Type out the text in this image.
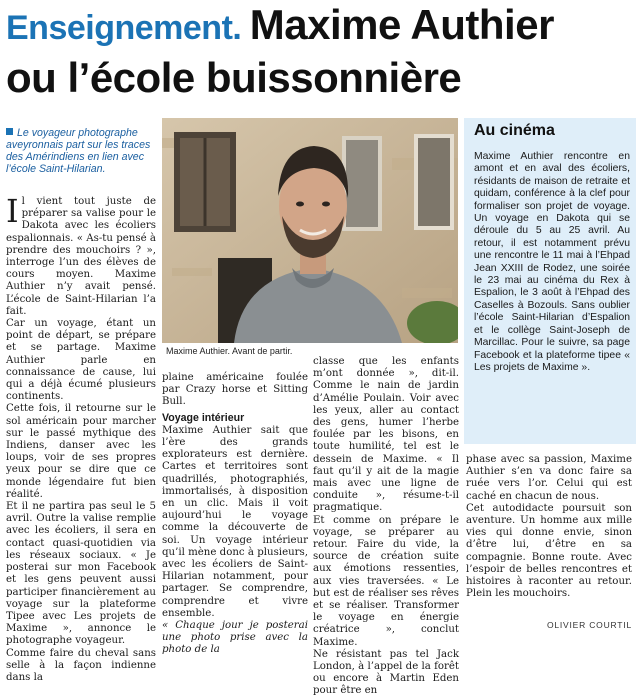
Enseignement. Maxime Authier
ou l’école buissonnière
Le voyageur photographe aveyronnais part sur les traces des Amérindiens en lien avec l’école Saint-Hilarian.
Maxime Authier. Avant de partir.
Au cinéma
Maxime Authier rencontre en amont et en aval des écoliers, résidants de maison de retraite et quidam, conférence à la clef pour formaliser son projet de voyage. Un voyage en Dakota qui se déroule du 5 au 25 avril. Au retour, il est notamment prévu une rencontre le 11 mai à l’Ehpad Jean XXIII de Rodez, une soirée le 23 mai au cinéma du Rex à Espalion, le 3 août à l’Ehpad des Caselles à Bozouls. Sans oublier l’école Saint-Hilarian d’Espalion et le collège Saint-Joseph de Marcillac. Pour le suivre, sa page Facebook et la plateforme tipee « Les projets de Maxime ».

Il vient tout juste de préparer sa valise pour le Dakota avec les écoliers espalionnais. « As-tu pensé à prendre des mouchoirs ? », interroge l’un des élèves de cours moyen. Maxime Authier n’y avait pensé. L’école de Saint-Hilarian l’a fait.

Car un voyage, étant un point de départ, se prépare et se partage. Maxime Authier parle en connaissance de cause, lui qui a déjà écumé plusieurs continents.

Cette fois, il retourne sur le sol américain pour marcher sur le passé mythique des Indiens, danser avec les loups, voir de ses propres yeux pour se dire que ce monde légendaire fut bien réalité.

Et il ne partira pas seul le 5 avril. Outre la valise remplie avec les écoliers, il sera en contact quasi-quotidien via les réseaux sociaux. « Je posterai sur mon Facebook et les gens peuvent aussi participer financièrement au voyage sur la plateforme Tipee avec Les projets de Maxime », annonce le photographe voyageur.

Comme faire du cheval sans selle à la façon indienne dans la

plaine américaine foulée par Crazy horse et Sitting Bull.

Voyage intérieur

Maxime Authier sait que l’ère des grands explorateurs est dernière. Cartes et territoires sont quadrillés, photographiés, immortalisés, à disposition en un clic. Mais il voit aujourd’hui le voyage comme la découverte de soi. Un voyage intérieur qu’il mène donc à plusieurs, avec les écoliers de Saint-Hilarian notamment, pour partager. Se comprendre, comprendre et vivre ensemble.

« Chaque jour je posterai une photo prise avec la photo de la

classe que les enfants m’ont donnée », dit-il. Comme le nain de jardin d’Amélie Poulain. Voir avec les yeux, aller au contact des gens, humer l’herbe foulée par les bisons, en toute humilité, tel est le dessein de Maxime. « Il faut qu’il y ait de la magie mais avec une ligne de conduite », résume-t-il pragmatique.

Et comme on prépare le voyage, se préparer au retour. Faire du vide, la source de création suite aux émotions ressenties, aux vies traversées. « Le but est de réaliser ses rêves et se réaliser. Transformer le voyage en énergie créatrice », conclut Maxime.

Ne résistant pas tel Jack London, à l’appel de la forêt ou encore à Martin Eden pour être en

phase avec sa passion, Maxime Authier s’en va donc faire sa ruée vers l’or. Celui qui est caché en chacun de nous.

Cet autodidacte poursuit son aventure. Un homme aux mille vies qui donne envie, sinon d’être lui, d’être en sa compagnie. Bonne route. Avec l’espoir de belles rencontres et histoires à raconter au retour. Plein les mouchoirs.

OLIVIER COURTIL
